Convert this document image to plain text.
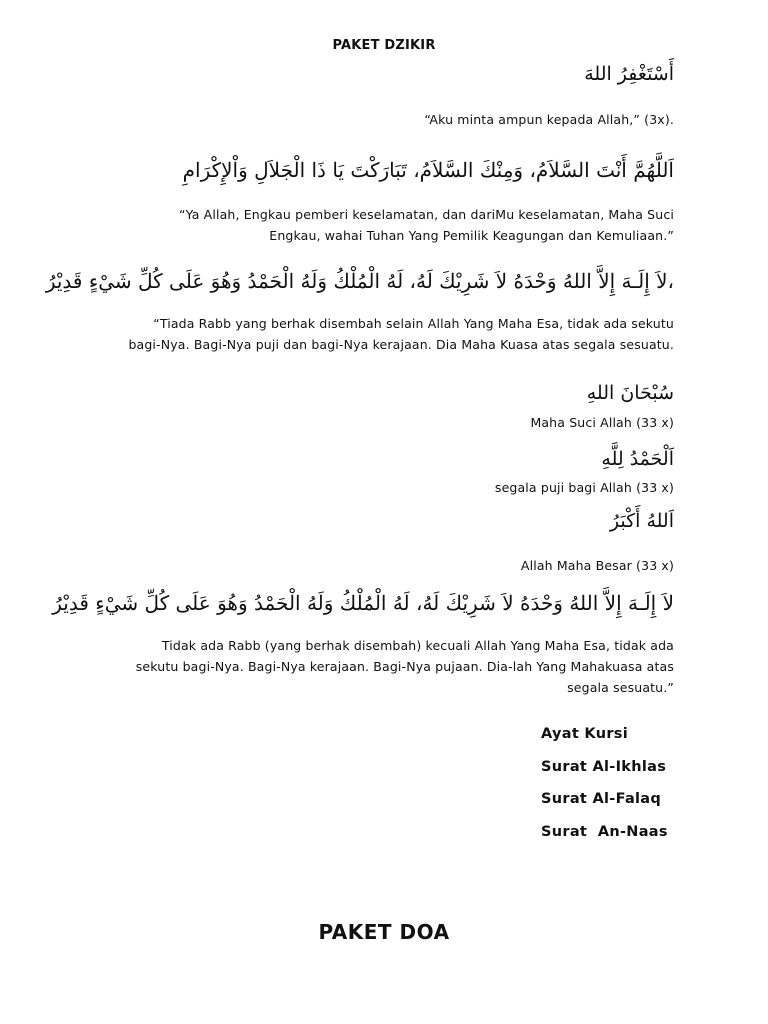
PAKET DZIKIR
أَسْتَغْفِرُ اللهَ

“Aku minta ampun kepada Allah,” (3x).

اَللَّهُمَّ أَنْتَ السَّلاَمُ، وَمِنْكَ السَّلاَمُ، تَبَارَكْتَ يَا ذَا الْجَلاَلِ وَاْلإِكْرَامِ

“Ya Allah, Engkau pemberi keselamatan, dan dariMu keselamatan, Maha Suci

Engkau, wahai Tuhan Yang Pemilik Keagungan dan Kemuliaan.”

،لاَ إِلَـهَ إِلاَّ اللهُ وَحْدَهُ لاَ شَرِيْكَ لَهُ، لَهُ الْمُلْكُ وَلَهُ الْحَمْدُ وَهُوَ عَلَى كُلِّ شَيْءٍ قَدِيْرُ

“Tiada Rabb yang berhak disembah selain Allah Yang Maha Esa, tidak ada sekutu

bagi-Nya. Bagi-Nya puji dan bagi-Nya kerajaan. Dia Maha Kuasa atas segala sesuatu.

سُبْحَانَ اللهِ

Maha Suci Allah (33 x)

اَلْحَمْدُ لِلَّهِ

segala puji bagi Allah (33 x)

اَللهُ أَكْبَرُ

Allah Maha Besar (33 x)

لاَ إِلَـهَ إِلاَّ اللهُ وَحْدَهُ لاَ شَرِيْكَ لَهُ، لَهُ الْمُلْكُ وَلَهُ الْحَمْدُ وَهُوَ عَلَى كُلِّ شَيْءٍ قَدِيْرُ

Tidak ada Rabb (yang berhak disembah) kecuali Allah Yang Maha Esa, tidak ada

sekutu bagi-Nya. Bagi-Nya kerajaan. Bagi-Nya pujaan. Dia-lah Yang Mahakuasa atas

segala sesuatu.”

Ayat Kursi
Surat Al-Ikhlas
Surat Al-Falaq
Surat  An-Naas
PAKET DOA
